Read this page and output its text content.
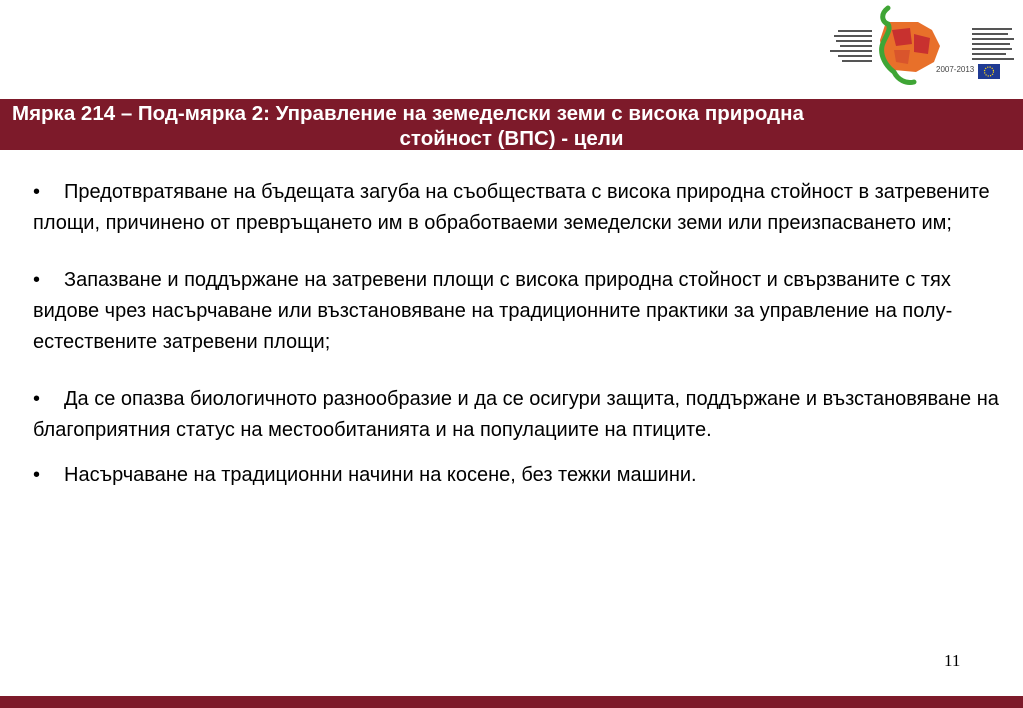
2007-2013
Мярка 214 – Под-мярка 2: Управление на земеделски земи с висока природна
стойност (ВПС) - цели

• Предотвратяване на бъдещата загуба на съобществата с висока природна стойност в затревените площи, причинено от превръщането им в обработваеми земеделски земи или преизпасването им;

• Запазване и поддържане на затревени площи с висока природна стойност и свързваните с тях видове чрез насърчаване или възстановяване на традиционните практики за управление на полу-естествените затревени площи;

• Да се опазва биологичното разнообразие и да се осигури защита, поддържане и възстановяване на благоприятния статус на местообитанията и на популациите на птиците.

• Насърчаване на традиционни начини на косене, без тежки машини.

11
